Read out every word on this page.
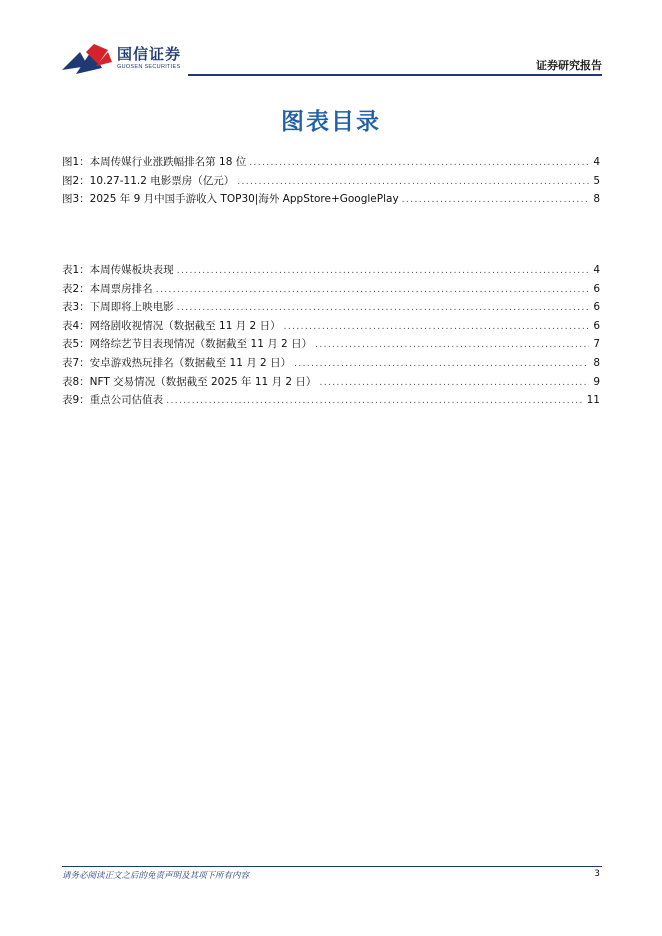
国信证券
GUOSEN SECURITIES	证券研究报告
图表目录
图1：本周传媒行业涨跌幅排名第 18 位 .....	4
图2：10.27-11.2 电影票房（亿元） .....	5
图3：2025 年 9 月中国手游收入 TOP30|海外 AppStore+GooglePlay .....	8
表1：本周传媒板块表现 .....	4
表2：本周票房排名 .....	6
表3：下周即将上映电影 .....	6
表4：网络剧收视情况（数据截至 11 月 2 日） .....	6
表5：网络综艺节目表现情况（数据截至 11 月 2 日） .....	7
表7：安卓游戏热玩排名（数据截至 11 月 2 日） .....	8
表8：NFT 交易情况（数据截至 2025 年 11 月 2 日） .....	9
表9：重点公司估值表 .....	11
请务必阅读正文之后的免责声明及其项下所有内容	3
